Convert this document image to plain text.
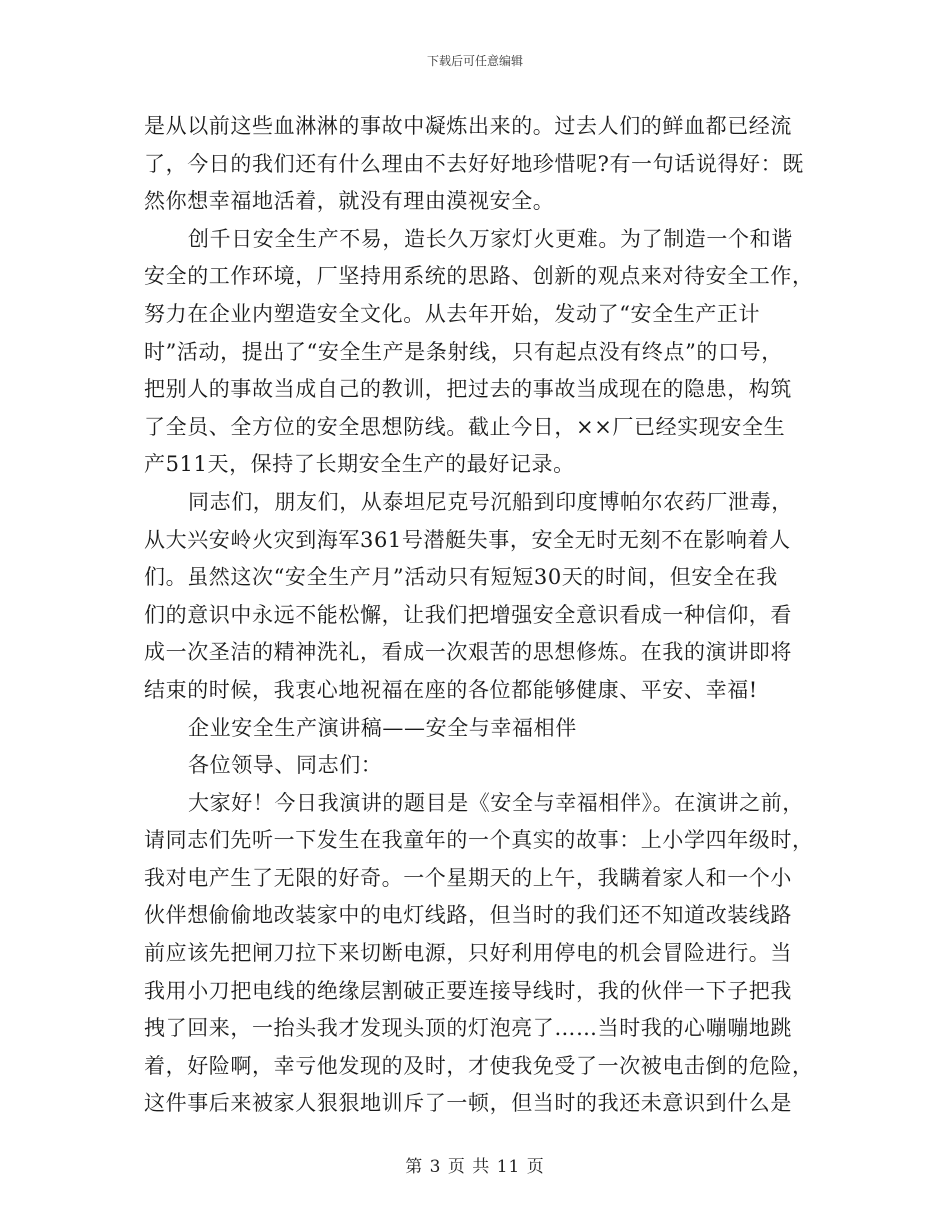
下载后可任意编辑
是从以前这些血淋淋的事故中凝炼出来的。过去人们的鲜血都已经流
了，今日的我们还有什么理由不去好好地珍惜呢?有一句话说得好：既
然你想幸福地活着，就没有理由漠视安全。
创千日安全生产不易，造长久万家灯火更难。为了制造一个和谐
安全的工作环境，厂坚持用系统的思路、创新的观点来对待安全工作，
努力在企业内塑造安全文化。从去年开始，发动了“安全生产正计
时”活动，提出了“安全生产是条射线，只有起点没有终点”的口号，
把别人的事故当成自己的教训，把过去的事故当成现在的隐患，构筑
了全员、全方位的安全思想防线。截止今日，××厂已经实现安全生
产511天，保持了长期安全生产的最好记录。
同志们，朋友们，从泰坦尼克号沉船到印度博帕尔农药厂泄毒，
从大兴安岭火灾到海军361号潜艇失事，安全无时无刻不在影响着人
们。虽然这次“安全生产月”活动只有短短30天的时间，但安全在我
们的意识中永远不能松懈，让我们把增强安全意识看成一种信仰，看
成一次圣洁的精神洗礼，看成一次艰苦的思想修炼。在我的演讲即将
结束的时候，我衷心地祝福在座的各位都能够健康、平安、幸福!
企业安全生产演讲稿——安全与幸福相伴
各位领导、同志们：
大家好！今日我演讲的题目是《安全与幸福相伴》。在演讲之前，
请同志们先听一下发生在我童年的一个真实的故事：上小学四年级时，
我对电产生了无限的好奇。一个星期天的上午，我瞒着家人和一个小
伙伴想偷偷地改装家中的电灯线路，但当时的我们还不知道改装线路
前应该先把闸刀拉下来切断电源，只好利用停电的机会冒险进行。当
我用小刀把电线的绝缘层割破正要连接导线时，我的伙伴一下子把我
拽了回来，一抬头我才发现头顶的灯泡亮了……当时我的心嘣嘣地跳
着，好险啊，幸亏他发现的及时，才使我免受了一次被电击倒的危险，
这件事后来被家人狠狠地训斥了一顿，但当时的我还未意识到什么是
第 3 页 共 11 页
